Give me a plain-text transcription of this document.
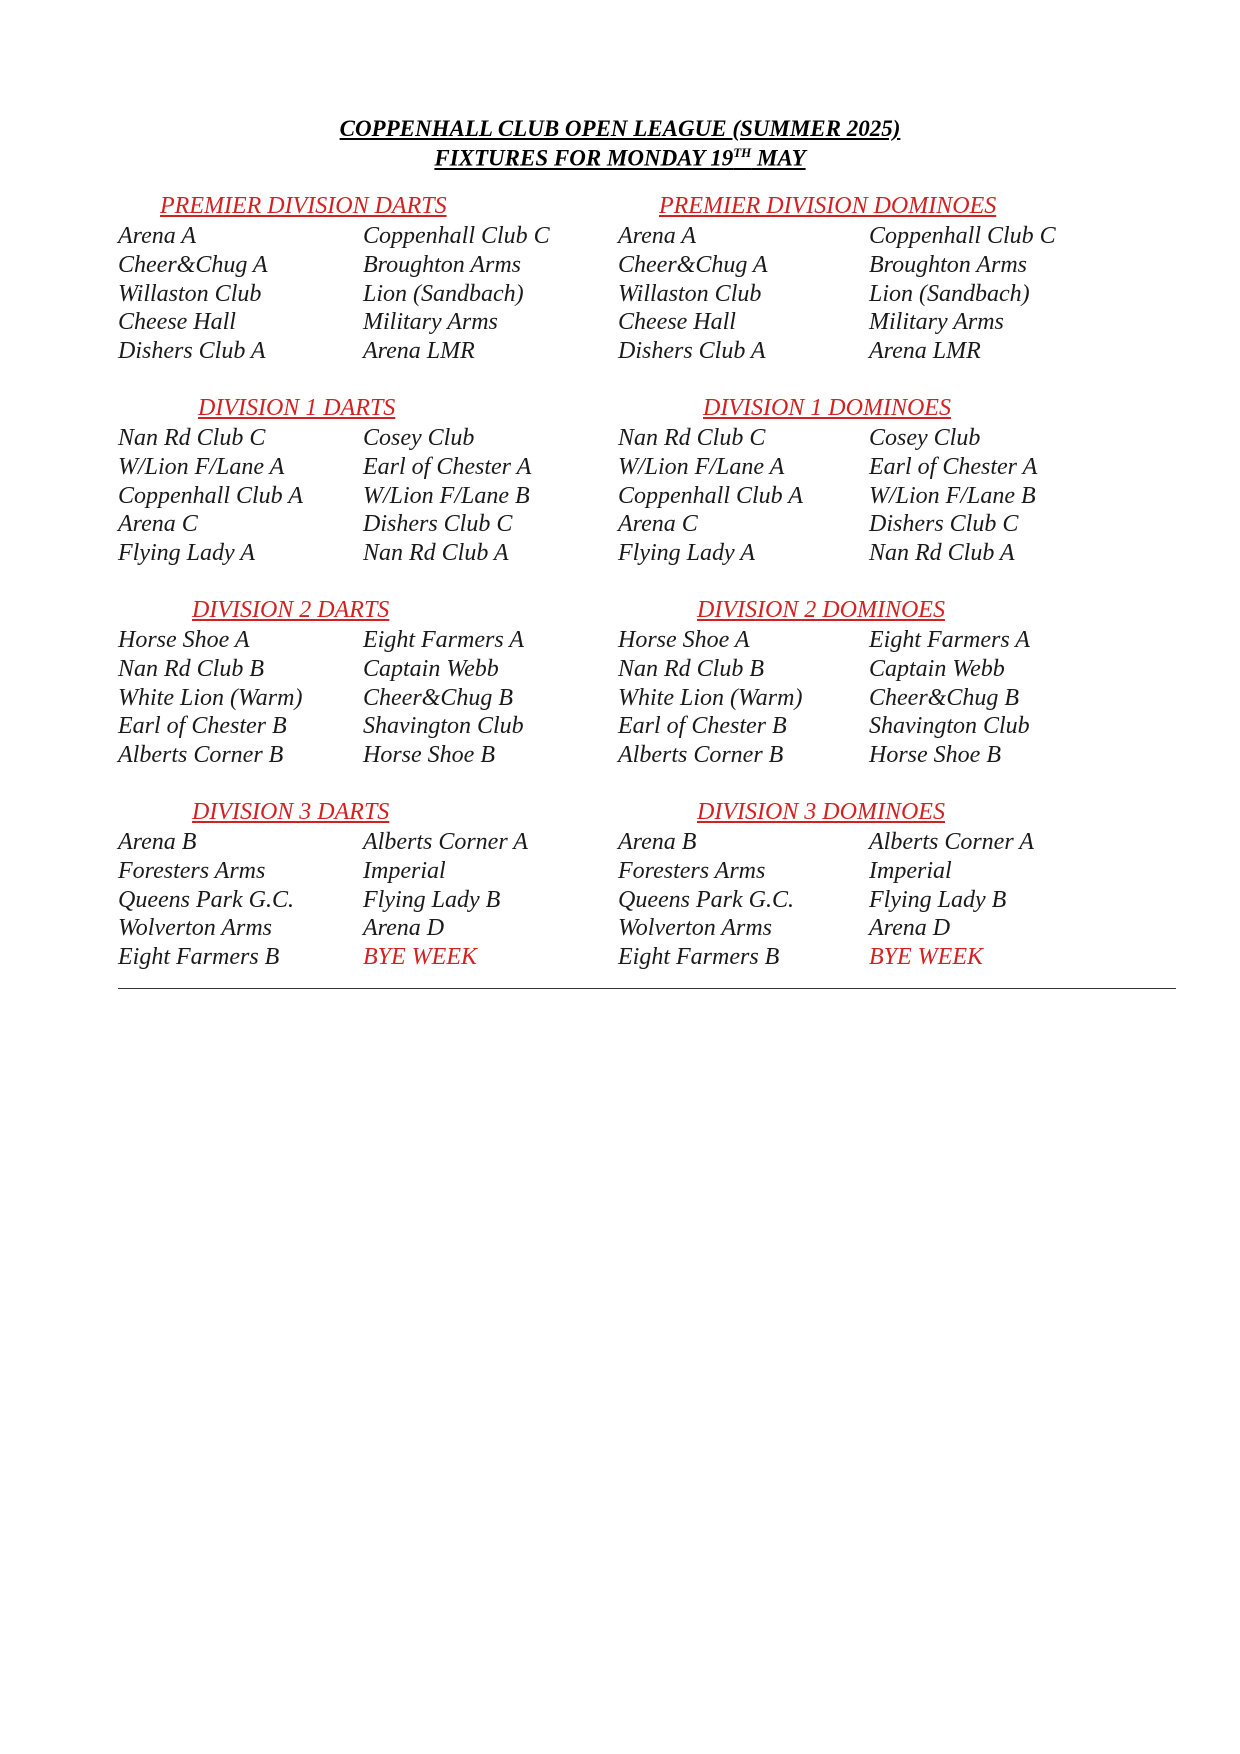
COPPENHALL CLUB OPEN LEAGUE (SUMMER 2025)
FIXTURES FOR MONDAY 19TH MAY
PREMIER DIVISION DARTS
Arena A	Coppenhall Club C
Cheer&Chug A	Broughton Arms
Willaston Club	Lion (Sandbach)
Cheese Hall	Military Arms
Dishers Club A	Arena LMR
PREMIER DIVISION DOMINOES
Arena A	Coppenhall Club C
Cheer&Chug A	Broughton Arms
Willaston Club	Lion (Sandbach)
Cheese Hall	Military Arms
Dishers Club A	Arena LMR
DIVISION 1 DARTS
Nan Rd Club C	Cosey Club
W/Lion F/Lane A	Earl of Chester A
Coppenhall Club A	W/Lion F/Lane B
Arena C	Dishers Club C
Flying Lady A	Nan Rd Club A
DIVISION 1 DOMINOES
Nan Rd Club C	Cosey Club
W/Lion F/Lane A	Earl of Chester A
Coppenhall Club A	W/Lion F/Lane B
Arena C	Dishers Club C
Flying Lady A	Nan Rd Club A
DIVISION 2 DARTS
Horse Shoe A	Eight Farmers A
Nan Rd Club B	Captain Webb
White Lion (Warm)	Cheer&Chug B
Earl of Chester B	Shavington Club
Alberts Corner B	Horse Shoe B
DIVISION 2 DOMINOES
Horse Shoe A	Eight Farmers A
Nan Rd Club B	Captain Webb
White Lion (Warm)	Cheer&Chug B
Earl of Chester B	Shavington Club
Alberts Corner B	Horse Shoe B
DIVISION 3 DARTS
Arena B	Alberts Corner A
Foresters Arms	Imperial
Queens Park G.C.	Flying Lady B
Wolverton Arms	Arena D
Eight Farmers B	BYE WEEK
DIVISION 3 DOMINOES
Arena B	Alberts Corner A
Foresters Arms	Imperial
Queens Park G.C.	Flying Lady B
Wolverton Arms	Arena D
Eight Farmers B	BYE WEEK
